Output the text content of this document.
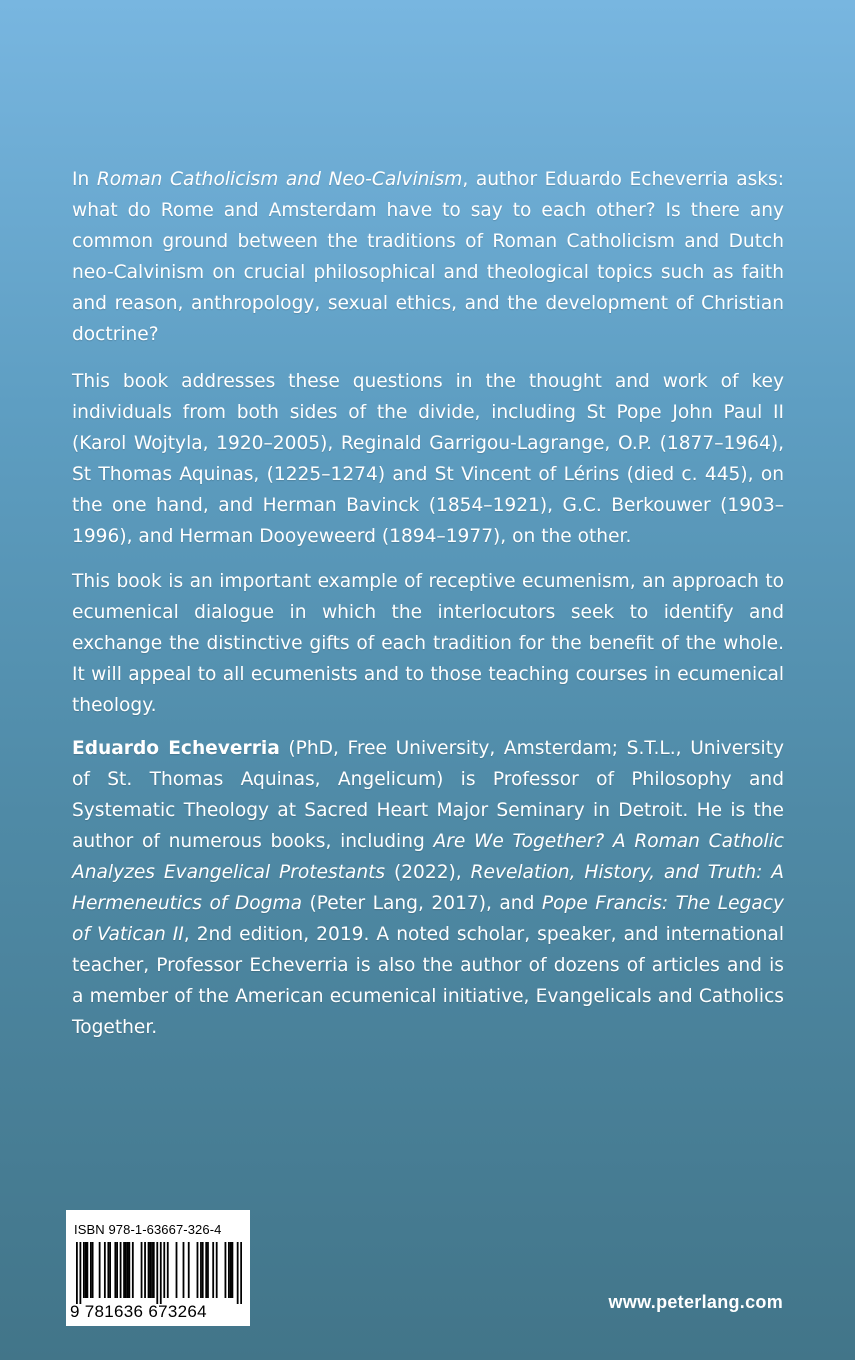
In Roman Catholicism and Neo-Calvinism, author Eduardo Echeverria asks: what do Rome and Amsterdam have to say to each other? Is there any common ground between the traditions of Roman Catholicism and Dutch neo-Calvinism on crucial philosophical and theological topics such as faith and reason, anthropology, sexual ethics, and the development of Christian doctrine?

This book addresses these questions in the thought and work of key individuals from both sides of the divide, including St Pope John Paul II (Karol Wojtyla, 1920–2005), Reginald Garrigou-Lagrange, O.P. (1877–1964), St Thomas Aquinas, (1225–1274) and St Vincent of Lérins (died c. 445), on the one hand, and Herman Bavinck (1854–1921), G.C. Berkouwer (1903–1996), and Herman Dooyeweerd (1894–1977), on the other.

This book is an important example of receptive ecumenism, an approach to ecumenical dialogue in which the interlocutors seek to identify and exchange the distinctive gifts of each tradition for the benefit of the whole. It will appeal to all ecumenists and to those teaching courses in ecumenical theology.

Eduardo Echeverria (PhD, Free University, Amsterdam; S.T.L., University of St. Thomas Aquinas, Angelicum) is Professor of Philosophy and Systematic Theology at Sacred Heart Major Seminary in Detroit. He is the author of numerous books, including Are We Together? A Roman Catholic Analyzes Evangelical Protestants (2022), Revelation, History, and Truth: A Hermeneutics of Dogma (Peter Lang, 2017), and Pope Francis: The Legacy of Vatican II, 2nd edition, 2019. A noted scholar, speaker, and international teacher, Professor Echeverria is also the author of dozens of articles and is a member of the American ecumenical initiative, Evangelicals and Catholics Together.

ISBN 978-1-63667-326-4
9 781636 673264	www.peterlang.com
